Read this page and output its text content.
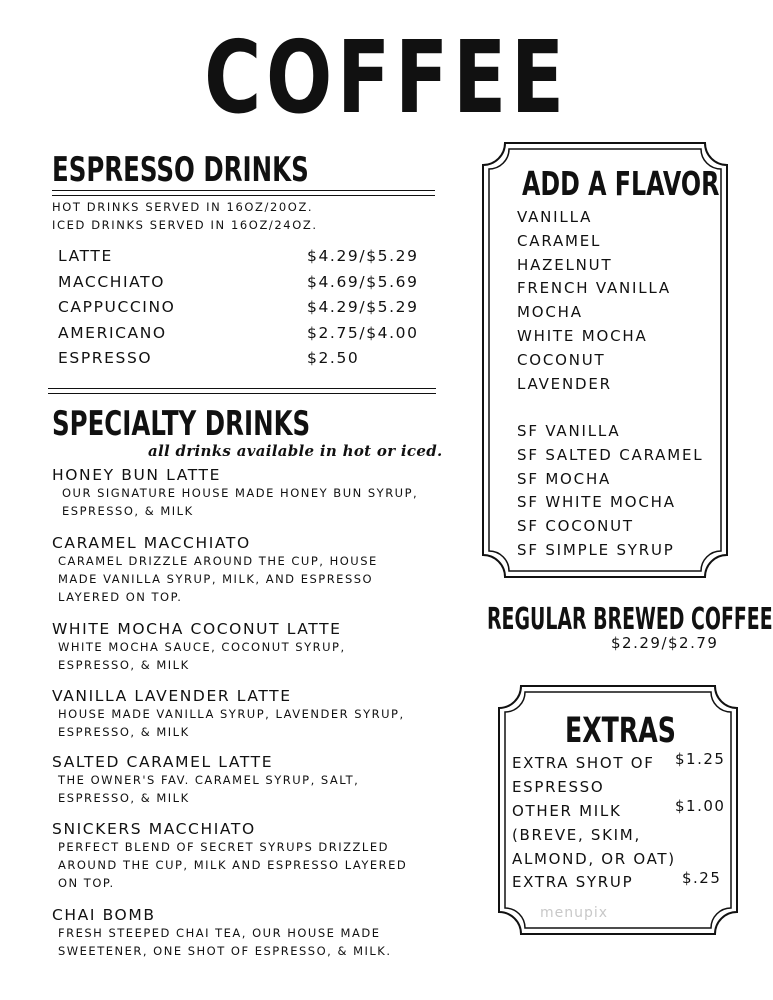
COFFEE
ESPRESSO DRINKS
HOT DRINKS SERVED IN 16OZ/20OZ.
ICED DRINKS SERVED IN 16OZ/24OZ.
LATTE	$4.29/$5.29
MACCHIATO	$4.69/$5.69
CAPPUCCINO	$4.29/$5.29
AMERICANO	$2.75/$4.00
ESPRESSO	$2.50
SPECIALTY DRINKS
all drinks available in hot or iced.
HONEY BUN LATTE
OUR SIGNATURE HOUSE MADE HONEY BUN SYRUP,
ESPRESSO, & MILK
CARAMEL MACCHIATO
CARAMEL DRIZZLE AROUND THE CUP, HOUSE
MADE VANILLA SYRUP, MILK, AND ESPRESSO
LAYERED ON TOP.
WHITE MOCHA COCONUT LATTE
WHITE MOCHA SAUCE, COCONUT SYRUP,
ESPRESSO, & MILK
VANILLA LAVENDER LATTE
HOUSE MADE VANILLA SYRUP, LAVENDER SYRUP,
ESPRESSO, & MILK
SALTED CARAMEL LATTE
THE OWNER'S FAV. CARAMEL SYRUP, SALT,
ESPRESSO, & MILK
SNICKERS MACCHIATO
PERFECT BLEND OF SECRET SYRUPS DRIZZLED
AROUND THE CUP, MILK AND ESPRESSO LAYERED
ON TOP.
CHAI BOMB
FRESH STEEPED CHAI TEA, OUR HOUSE MADE
SWEETENER, ONE SHOT OF ESPRESSO, & MILK.
ADD A FLAVOR
VANILLA
CARAMEL
HAZELNUT
FRENCH VANILLA
MOCHA
WHITE MOCHA
COCONUT
LAVENDER
SF VANILLA
SF SALTED CARAMEL
SF MOCHA
SF WHITE MOCHA
SF COCONUT
SF SIMPLE SYRUP
REGULAR BREWED COFFEE
$2.29/$2.79
EXTRAS
EXTRA SHOT OF
ESPRESSO
$1.25
OTHER MILK
(BREVE, SKIM,
ALMOND, OR OAT)
$1.00
EXTRA SYRUP	$.25
menupix
